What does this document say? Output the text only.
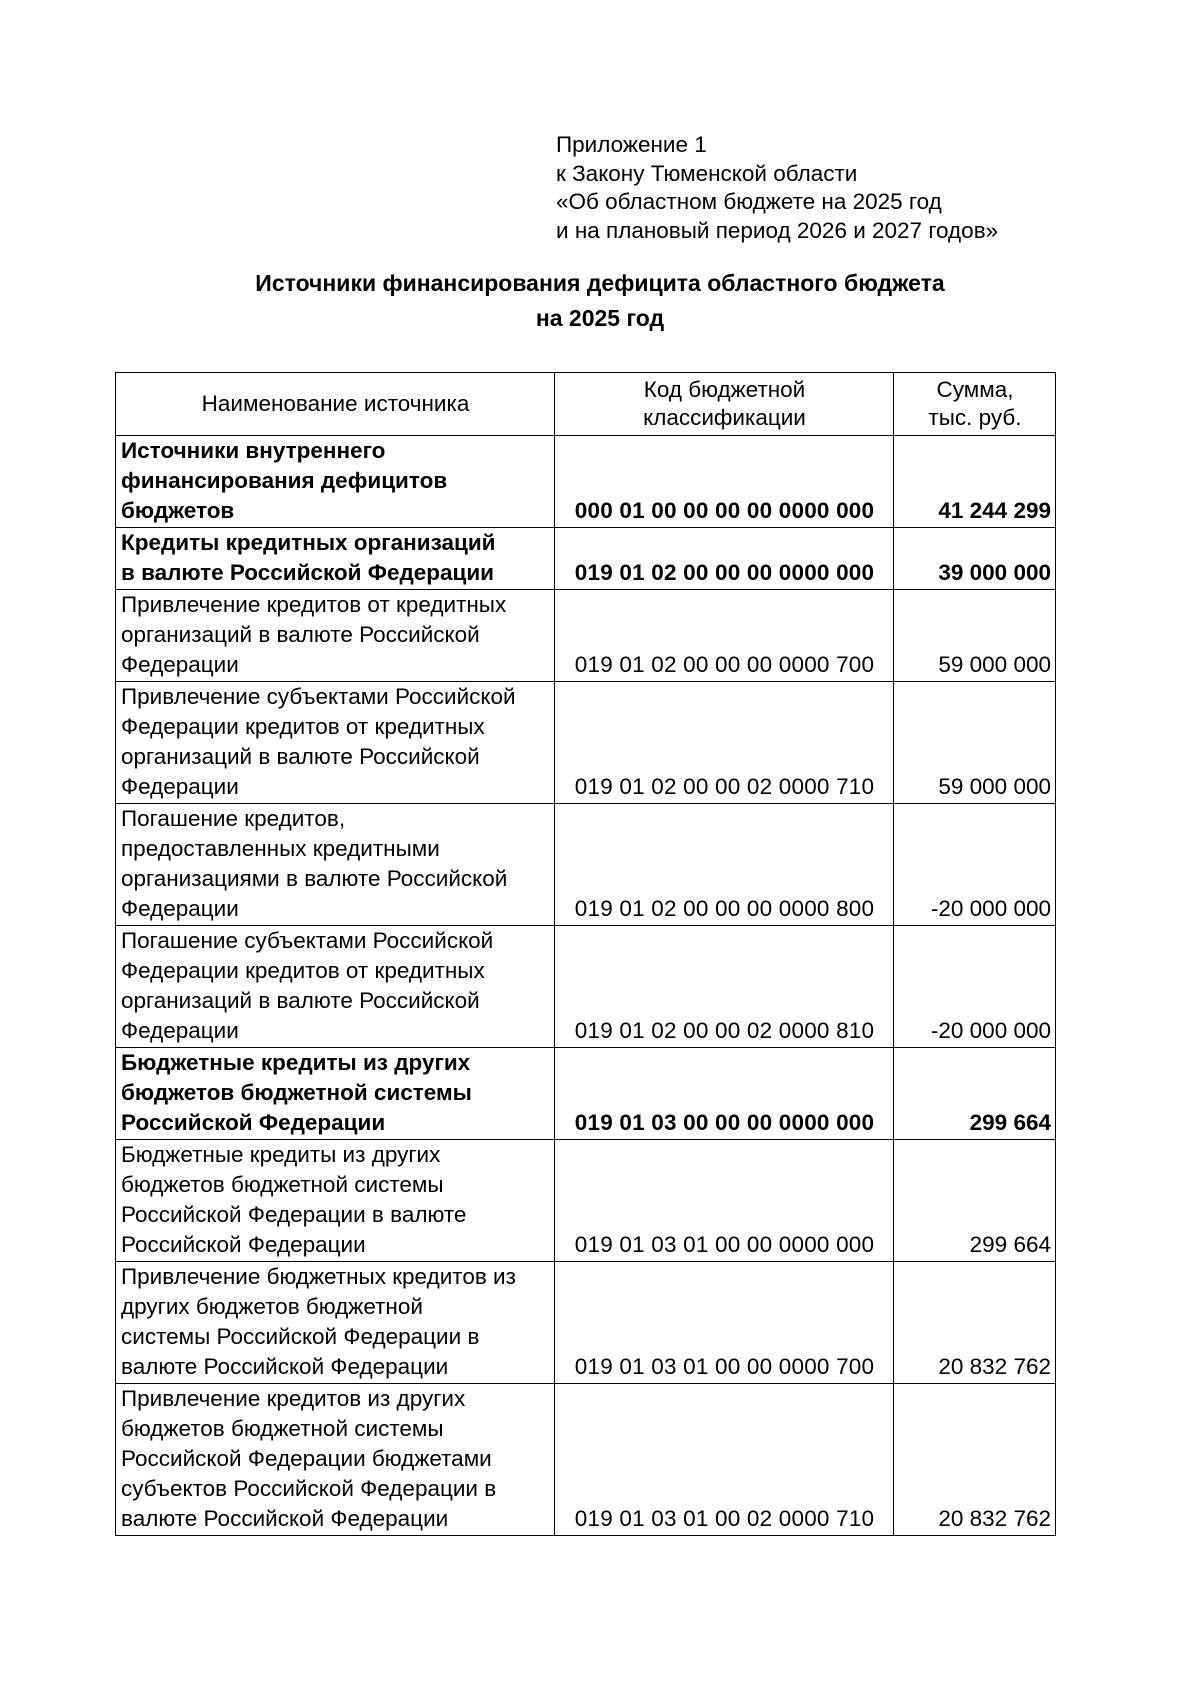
Приложение 1
к Закону Тюменской области
«Об областном бюджете на 2025 год
и на плановый период 2026 и 2027 годов»
Источники финансирования дефицита областного бюджета
на 2025 год
Наименование источника	Код бюджетной классификации	Сумма, тыс. руб.

Источники внутреннего
финансирования дефицитов
бюджетов	000 01 00 00 00 00 0000 000	41 244 299

Кредиты кредитных организаций
в валюте Российской Федерации	019 01 02 00 00 00 0000 000	39 000 000

Привлечение кредитов от кредитных
организаций в валюте Российской
Федерации	019 01 02 00 00 00 0000 700	59 000 000

Привлечение субъектами Российской
Федерации кредитов от кредитных
организаций в валюте Российской
Федерации	019 01 02 00 00 02 0000 710	59 000 000

Погашение кредитов,
предоставленных кредитными
организациями в валюте Российской
Федерации	019 01 02 00 00 00 0000 800	-20 000 000

Погашение субъектами Российской
Федерации кредитов от кредитных
организаций в валюте Российской
Федерации	019 01 02 00 00 02 0000 810	-20 000 000

Бюджетные кредиты из других
бюджетов бюджетной системы
Российской Федерации	019 01 03 00 00 00 0000 000	299 664

Бюджетные кредиты из других
бюджетов бюджетной системы
Российской Федерации в валюте
Российской Федерации	019 01 03 01 00 00 0000 000	299 664

Привлечение бюджетных кредитов из
других бюджетов бюджетной
системы Российской Федерации в
валюте Российской Федерации	019 01 03 01 00 00 0000 700	20 832 762

Привлечение кредитов из других
бюджетов бюджетной системы
Российской Федерации бюджетами
субъектов Российской Федерации в
валюте Российской Федерации	019 01 03 01 00 02 0000 710	20 832 762
